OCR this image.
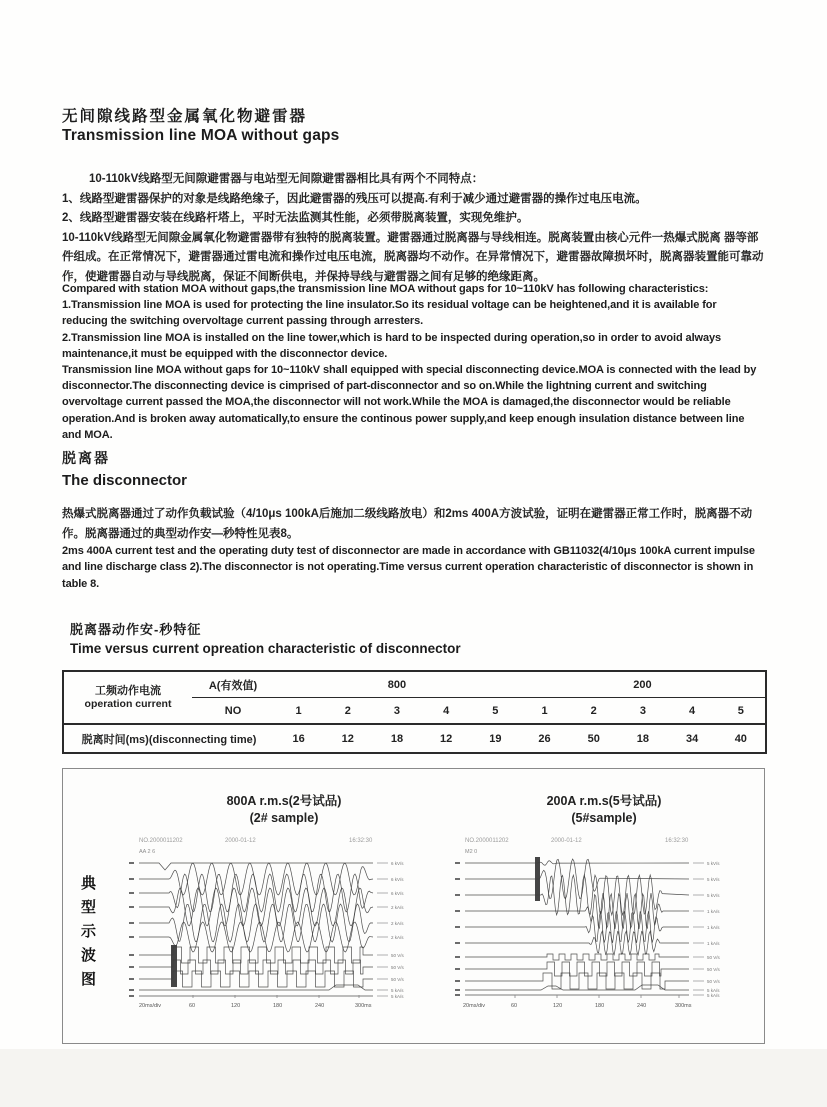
无间隙线路型金属氧化物避雷器
Transmission line MOA without gaps

10-110kV线路型无间隙避雷器与电站型无间隙避雷器相比具有两个不同特点：

1、线路型避雷器保护的对象是线路绝缘子，因此避雷器的残压可以提高.有利于减少通过避雷器的操作过电压电流。

2、线路型避雷器安装在线路杆塔上，平时无法监测其性能，必须带脱离装置，实现免维护。

10-110kV线路型无间隙金属氧化物避雷器带有独特的脱离装置。避雷器通过脱离器与导线相连。脱离装置由核心元件一热爆式脱离 器等部件组成。在正常情况下，避雷器通过雷电流和操作过电压电流，脱离器均不动作。在异常情况下，避雷器故障损坏时，脱离器装置能可靠动作，使避雷器自动与导线脱离，保证不间断供电，并保持导线与避雷器之间有足够的绝缘距离。

Compared with station MOA without gaps,the transmission line MOA without gaps for 10~110kV has following characteristics:

1.Transmission line MOA is used for protecting the line insulator.So its residual voltage can be heightened,and it is available for reducing the switching overvoltage current passing through arresters.

2.Transmission line MOA is installed on the line tower,which is hard to be inspected during operation,so in order to avoid always maintenance,it must be equipped with the disconnector device.

Transmission line MOA without gaps for 10~110kV shall equipped with special disconnecting device.MOA is connected with the lead by disconnector.The disconnecting device is cimprised of part-disconnector and so on.While the lightning current and switching overvoltage current passed the MOA,the disconnector will not work.While the MOA is damaged,the disconnector would be reliable operation.And is broken away automatically,to ensure the continous power supply,and keep enough insulation distance between line and MOA.

脱离器
The disconnector
热爆式脱离器通过了动作负载试验（4/10μs 100kA后施加二级线路放电）和2ms 400A方波试验，证明在避雷器正常工作时，脱离器不动作。脱离器通过的典型动作安—秒特性见表8。
2ms 400A current test and the operating duty test of disconnector are made in accordance with GB11032(4/10μs 100kA current impulse and line discharge class 2).The disconnector is not operating.Time versus current operation characteristic of disconnector is shown in table 8.
脱离器动作安-秒特征
Time versus current opreation characteristic of disconnector
工频动作电流
operation current	A(有效值)	800					200				
	NO	1	2	3	4	5	1	2	3	4	5
脱离时间(ms)(disconnecting time)		16	12	18	12	19	26	50	18	34	40
典型示波图
800A r.m.s(2号试品)
(2# sample)
NO.2000011202	2000-01-12	16:32:30
AA 2 6
6 kV/s
6 kV/s
6 kV/s
2 kA/s
2 kA/s
2 kA/s
50 V/s
50 V/s
50 V/s
5 kA/s
5 kA/s
20ms/div	60	120	180	240	300ms
200A r.m.s(5号试品)
(5#sample)
NO.2000011202	2000-01-12	16:32:30
M2 0
5 kV/s
5 kV/s
5 kV/s
1 kA/s
1 kA/s
1 kA/s
50 V/s
50 V/s
50 V/s
5 kA/s
5 kA/s
20ms/div	60	120	180	240	300ms
